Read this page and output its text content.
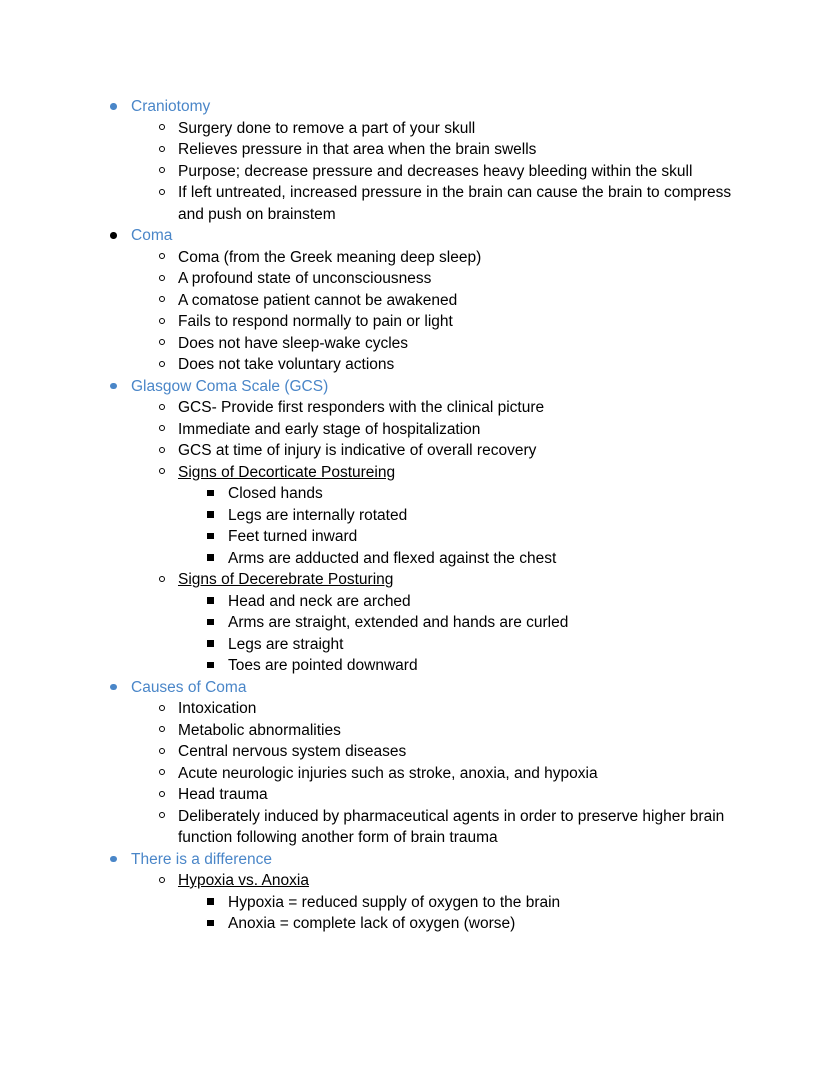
Craniotomy
Surgery done to remove a part of your skull
Relieves pressure in that area when the brain swells
Purpose; decrease pressure and decreases heavy bleeding within the skull
If left untreated, increased pressure in the brain can cause the brain to compress and push on brainstem
Coma
Coma (from the Greek meaning deep sleep)
A profound state of unconsciousness
A comatose patient cannot be awakened
Fails to respond normally to pain or light
Does not have sleep-wake cycles
Does not take voluntary actions
Glasgow Coma Scale (GCS)
GCS- Provide first responders with the clinical picture
Immediate and early stage of hospitalization
GCS at time of injury is indicative of overall recovery
Signs of Decorticate Postureing
Closed hands
Legs are internally rotated
Feet turned inward
Arms are adducted and flexed against the chest
Signs of Decerebrate Posturing
Head and neck are arched
Arms are straight, extended and hands are curled
Legs are straight
Toes are pointed downward
Causes of Coma
Intoxication
Metabolic abnormalities
Central nervous system diseases
Acute neurologic injuries such as stroke, anoxia, and hypoxia
Head trauma
Deliberately induced by pharmaceutical agents in order to preserve higher brain function following another form of brain trauma
There is a difference
Hypoxia vs. Anoxia
Hypoxia = reduced supply of oxygen to the brain
Anoxia = complete lack of oxygen (worse)
